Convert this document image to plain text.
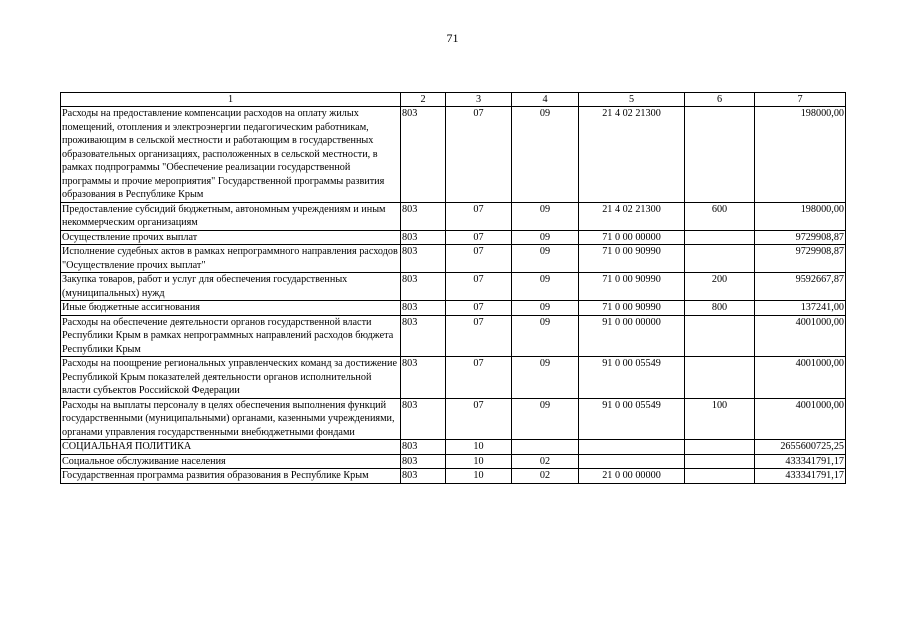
71
1	2	3	4	5	6	7
Расходы на предоставление компенсации расходов на оплату жилых помещений, отопления и электроэнергии педагогическим работникам, проживающим в сельской местности и работающим в государственных образовательных организациях, расположенных в сельской местности, в рамках подпрограммы "Обеспечение реализации государственной программы и прочие мероприятия" Государственной программы развития образования в Республике Крым	803	07	09	21 4 02 21300		198000,00
Предоставление субсидий бюджетным, автономным учреждениям и иным некоммерческим организациям	803	07	09	21 4 02 21300	600	198000,00
Осуществление прочих выплат	803	07	09	71 0 00 00000		9729908,87
Исполнение судебных актов в рамках непрограммного направления расходов "Осуществление прочих выплат"	803	07	09	71 0 00 90990		9729908,87
Закупка товаров, работ и услуг для обеспечения государственных (муниципальных) нужд	803	07	09	71 0 00 90990	200	9592667,87
Иные бюджетные ассигнования	803	07	09	71 0 00 90990	800	137241,00
Расходы на обеспечение деятельности органов государственной власти Республики Крым в рамках непрограммных направлений расходов бюджета Республики Крым	803	07	09	91 0 00 00000		4001000,00
Расходы на поощрение региональных управленческих команд за достижение Республикой Крым показателей деятельности органов исполнительной власти субъектов Российской Федерации	803	07	09	91 0 00 05549		4001000,00
Расходы на выплаты персоналу в целях обеспечения выполнения функций государственными (муниципальными) органами, казенными учреждениями, органами управления государственными внебюджетными фондами	803	07	09	91 0 00 05549	100	4001000,00
СОЦИАЛЬНАЯ ПОЛИТИКА	803	10				2655600725,25
Социальное обслуживание населения	803	10	02			433341791,17
Государственная программа развития образования в Республике Крым	803	10	02	21 0 00 00000		433341791,17
